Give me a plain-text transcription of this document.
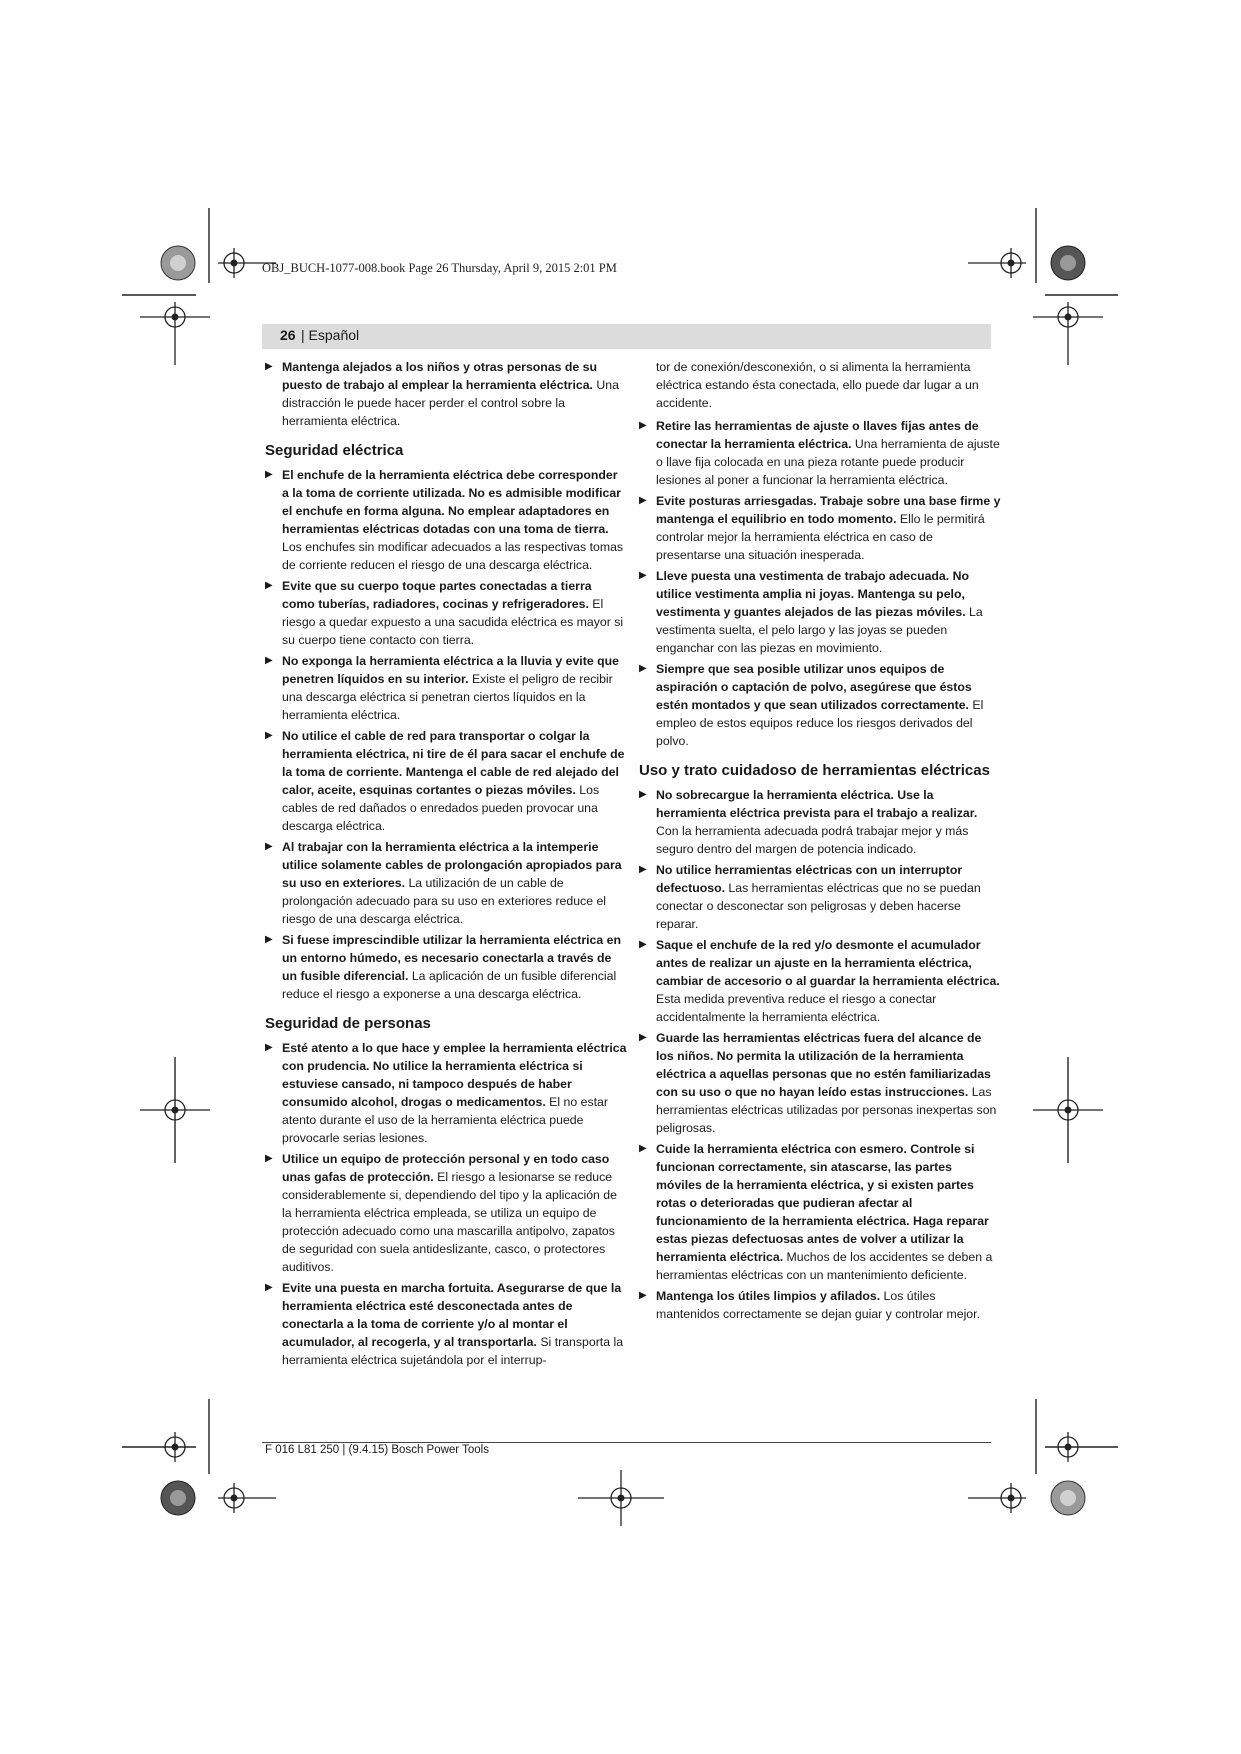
OBJ_BUCH-1077-008.book Page 26 Thursday, April 9, 2015 2:01 PM
26 | Español
▶ Mantenga alejados a los niños y otras personas de su puesto de trabajo al emplear la herramienta eléctrica. Una distracción le puede hacer perder el control sobre la herramienta eléctrica.
Seguridad eléctrica
▶ El enchufe de la herramienta eléctrica debe corresponder a la toma de corriente utilizada. No es admisible modificar el enchufe en forma alguna. No emplear adaptadores en herramientas eléctricas dotadas con una toma de tierra. Los enchufes sin modificar adecuados a las respectivas tomas de corriente reducen el riesgo de una descarga eléctrica.
▶ Evite que su cuerpo toque partes conectadas a tierra como tuberías, radiadores, cocinas y refrigeradores. El riesgo a quedar expuesto a una sacudida eléctrica es mayor si su cuerpo tiene contacto con tierra.
▶ No exponga la herramienta eléctrica a la lluvia y evite que penetren líquidos en su interior. Existe el peligro de recibir una descarga eléctrica si penetran ciertos líquidos en la herramienta eléctrica.
▶ No utilice el cable de red para transportar o colgar la herramienta eléctrica, ni tire de él para sacar el enchufe de la toma de corriente. Mantenga el cable de red alejado del calor, aceite, esquinas cortantes o piezas móviles. Los cables de red dañados o enredados pueden provocar una descarga eléctrica.
▶ Al trabajar con la herramienta eléctrica a la intemperie utilice solamente cables de prolongación apropiados para su uso en exteriores. La utilización de un cable de prolongación adecuado para su uso en exteriores reduce el riesgo de una descarga eléctrica.
▶ Si fuese imprescindible utilizar la herramienta eléctrica en un entorno húmedo, es necesario conectarla a través de un fusible diferencial. La aplicación de un fusible diferencial reduce el riesgo a exponerse a una descarga eléctrica.
Seguridad de personas
▶ Esté atento a lo que hace y emplee la herramienta eléctrica con prudencia. No utilice la herramienta eléctrica si estuviese cansado, ni tampoco después de haber consumido alcohol, drogas o medicamentos. El no estar atento durante el uso de la herramienta eléctrica puede provocarle serias lesiones.
▶ Utilice un equipo de protección personal y en todo caso unas gafas de protección. El riesgo a lesionarse se reduce considerablemente si, dependiendo del tipo y la aplicación de la herramienta eléctrica empleada, se utiliza un equipo de protección adecuado como una mascarilla antipolvo, zapatos de seguridad con suela antideslizante, casco, o protectores auditivos.
▶ Evite una puesta en marcha fortuita. Asegurarse de que la herramienta eléctrica esté desconectada antes de conectarla a la toma de corriente y/o al montar el acumulador, al recogerla, y al transportarla. Si transporta la herramienta eléctrica sujetándola por el interrup-
tor de conexión/desconexión, o si alimenta la herramienta eléctrica estando ésta conectada, ello puede dar lugar a un accidente.
▶ Retire las herramientas de ajuste o llaves fijas antes de conectar la herramienta eléctrica. Una herramienta de ajuste o llave fija colocada en una pieza rotante puede producir lesiones al poner a funcionar la herramienta eléctrica.
▶ Evite posturas arriesgadas. Trabaje sobre una base firme y mantenga el equilibrio en todo momento. Ello le permitirá controlar mejor la herramienta eléctrica en caso de presentarse una situación inesperada.
▶ Lleve puesta una vestimenta de trabajo adecuada. No utilice vestimenta amplia ni joyas. Mantenga su pelo, vestimenta y guantes alejados de las piezas móviles. La vestimenta suelta, el pelo largo y las joyas se pueden enganchar con las piezas en movimiento.
▶ Siempre que sea posible utilizar unos equipos de aspiración o captación de polvo, asegúrese que éstos estén montados y que sean utilizados correctamente. El empleo de estos equipos reduce los riesgos derivados del polvo.
Uso y trato cuidadoso de herramientas eléctricas
▶ No sobrecargue la herramienta eléctrica. Use la herramienta eléctrica prevista para el trabajo a realizar. Con la herramienta adecuada podrá trabajar mejor y más seguro dentro del margen de potencia indicado.
▶ No utilice herramientas eléctricas con un interruptor defectuoso. Las herramientas eléctricas que no se puedan conectar o desconectar son peligrosas y deben hacerse reparar.
▶ Saque el enchufe de la red y/o desmonte el acumulador antes de realizar un ajuste en la herramienta eléctrica, cambiar de accesorio o al guardar la herramienta eléctrica. Esta medida preventiva reduce el riesgo a conectar accidentalmente la herramienta eléctrica.
▶ Guarde las herramientas eléctricas fuera del alcance de los niños. No permita la utilización de la herramienta eléctrica a aquellas personas que no estén familiarizadas con su uso o que no hayan leído estas instrucciones. Las herramientas eléctricas utilizadas por personas inexpertas son peligrosas.
▶ Cuide la herramienta eléctrica con esmero. Controle si funcionan correctamente, sin atascarse, las partes móviles de la herramienta eléctrica, y si existen partes rotas o deterioradas que pudieran afectar al funcionamiento de la herramienta eléctrica. Haga reparar estas piezas defectuosas antes de volver a utilizar la herramienta eléctrica. Muchos de los accidentes se deben a herramientas eléctricas con un mantenimiento deficiente.
▶ Mantenga los útiles limpios y afilados. Los útiles mantenidos correctamente se dejan guiar y controlar mejor.
F 016 L81 250 | (9.4.15) Bosch Power Tools
